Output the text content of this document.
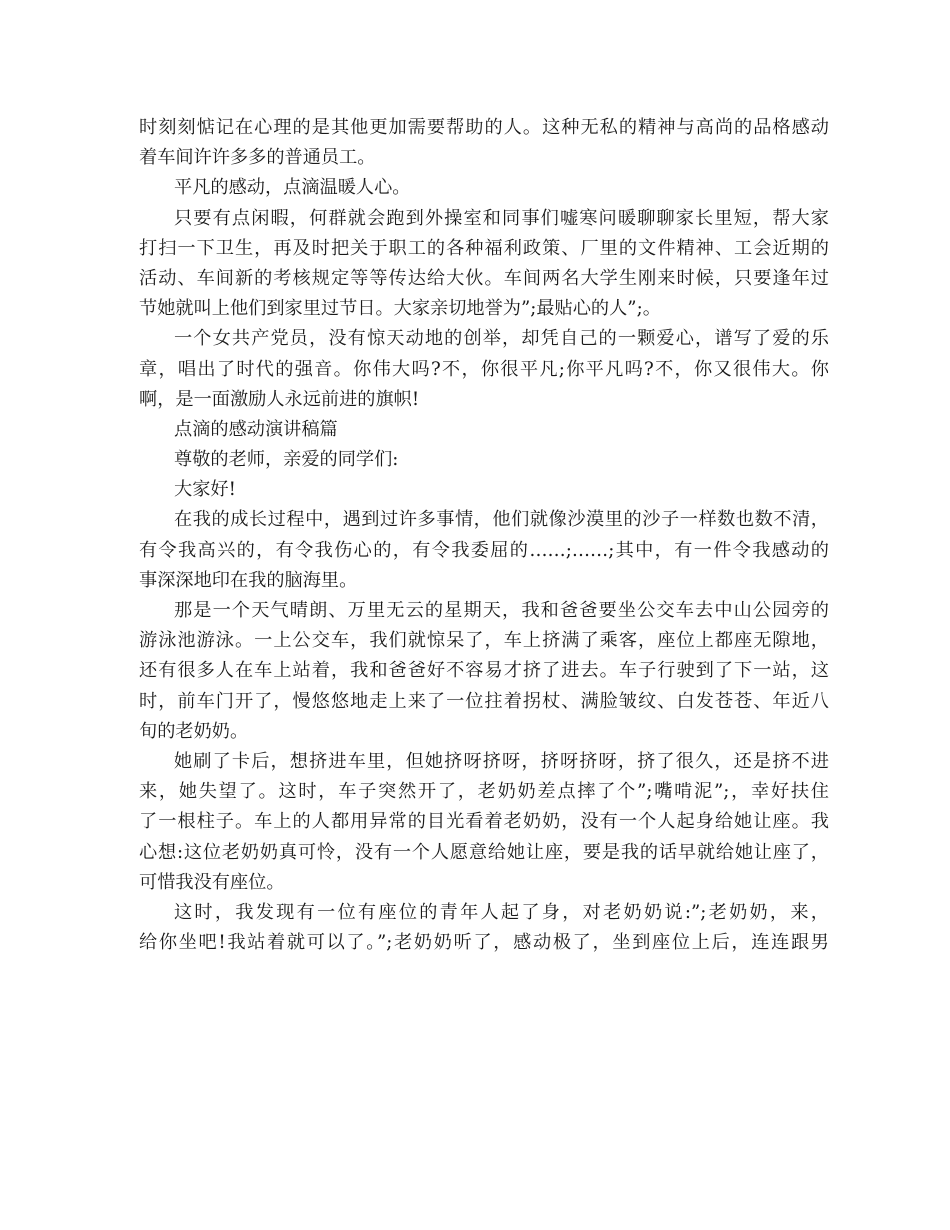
时刻刻惦记在心理的是其他更加需要帮助的人。这种无私的精神与高尚的品格感动
着车间许许多多的普通员工。
平凡的感动，点滴温暖人心。
只要有点闲暇，何群就会跑到外操室和同事们嘘寒问暖聊聊家长里短，帮大家
打扫一下卫生，再及时把关于职工的各种福利政策、厂里的文件精神、工会近期的
活动、车间新的考核规定等等传达给大伙。车间两名大学生刚来时候，只要逢年过
节她就叫上他们到家里过节日。大家亲切地誉为”;最贴心的人”;。
一个女共产党员，没有惊天动地的创举，却凭自己的一颗爱心，谱写了爱的乐
章，唱出了时代的强音。你伟大吗?不，你很平凡;你平凡吗?不，你又很伟大。你
啊，是一面激励人永远前进的旗帜!
点滴的感动演讲稿篇
尊敬的老师，亲爱的同学们:
大家好!
在我的成长过程中，遇到过许多事情，他们就像沙漠里的沙子一样数也数不清，
有令我高兴的，有令我伤心的，有令我委屈的……;……;其中，有一件令我感动的
事深深地印在我的脑海里。
那是一个天气晴朗、万里无云的星期天，我和爸爸要坐公交车去中山公园旁的
游泳池游泳。一上公交车，我们就惊呆了，车上挤满了乘客，座位上都座无隙地，
还有很多人在车上站着，我和爸爸好不容易才挤了进去。车子行驶到了下一站，这
时，前车门开了，慢悠悠地走上来了一位拄着拐杖、满脸皱纹、白发苍苍、年近八
旬的老奶奶。
她刷了卡后，想挤进车里，但她挤呀挤呀，挤呀挤呀，挤了很久，还是挤不进
来，她失望了。这时，车子突然开了，老奶奶差点摔了个”;嘴啃泥”;，幸好扶住
了一根柱子。车上的人都用异常的目光看着老奶奶，没有一个人起身给她让座。我
心想:这位老奶奶真可怜，没有一个人愿意给她让座，要是我的话早就给她让座了，
可惜我没有座位。
这时，我发现有一位有座位的青年人起了身，对老奶奶说:”;老奶奶，来，
给你坐吧!我站着就可以了。”;老奶奶听了，感动极了，坐到座位上后，连连跟男
